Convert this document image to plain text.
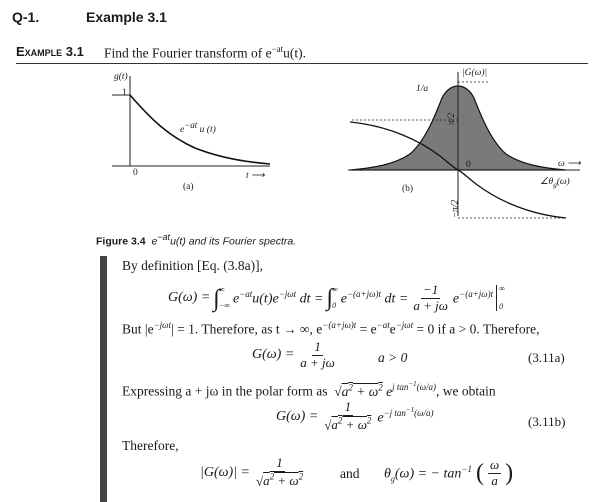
Q-1.	Example 3.1
Example 3.1 Find the Fourier transform of $e^{-at}u(t)$.
g(t)
1
0
$e^{-at}$ u (t)
t ⟶
(a)
|G(ω)|
1/a
π/2
−π/2
0	ω ⟶
$\angle\theta_g(\omega)$
(b)
Figure 3.4 $e^{-at}u(t)$ and its Fourier spectra.
By definition [Eq. (3.8a)],
G(ω) = ∫ ∞
−∞ $e^{-at}u(t)e^{-j\omega t}$ dt = ∫ ∞
0 $e^{-(a+j\omega)t}$ dt = $\frac{-1}{a + j\omega} e^{-(a+j\omega)t}$
∞
0
But $|e^{-j\omega t}| = 1$. Therefore, as t → ∞, $e^{-(a+j\omega)t} = e^{-at}e^{-j\omega t} = 0$ if a > 0. Therefore,
$G(\omega) = \frac{1}{a + j\omega}$	a > 0	(3.11a)
Expressing a + jω in the polar form as  $√a^2 + \omega^2$ $e^{j tan^{-1}(\omega/a)}$, we obtain
$G(\omega) = \frac{1}{√a^2 + \omega^2} e^{-j tan^{-1}(\omega/a)}$
(3.11b)
Therefore,
$|G(\omega)| = \frac{1}{√a^2 + \omega^2}$	and $\theta_g(\omega)$ = − $\tan^{-1}$ ( $\frac{\omega}{a}$ )
